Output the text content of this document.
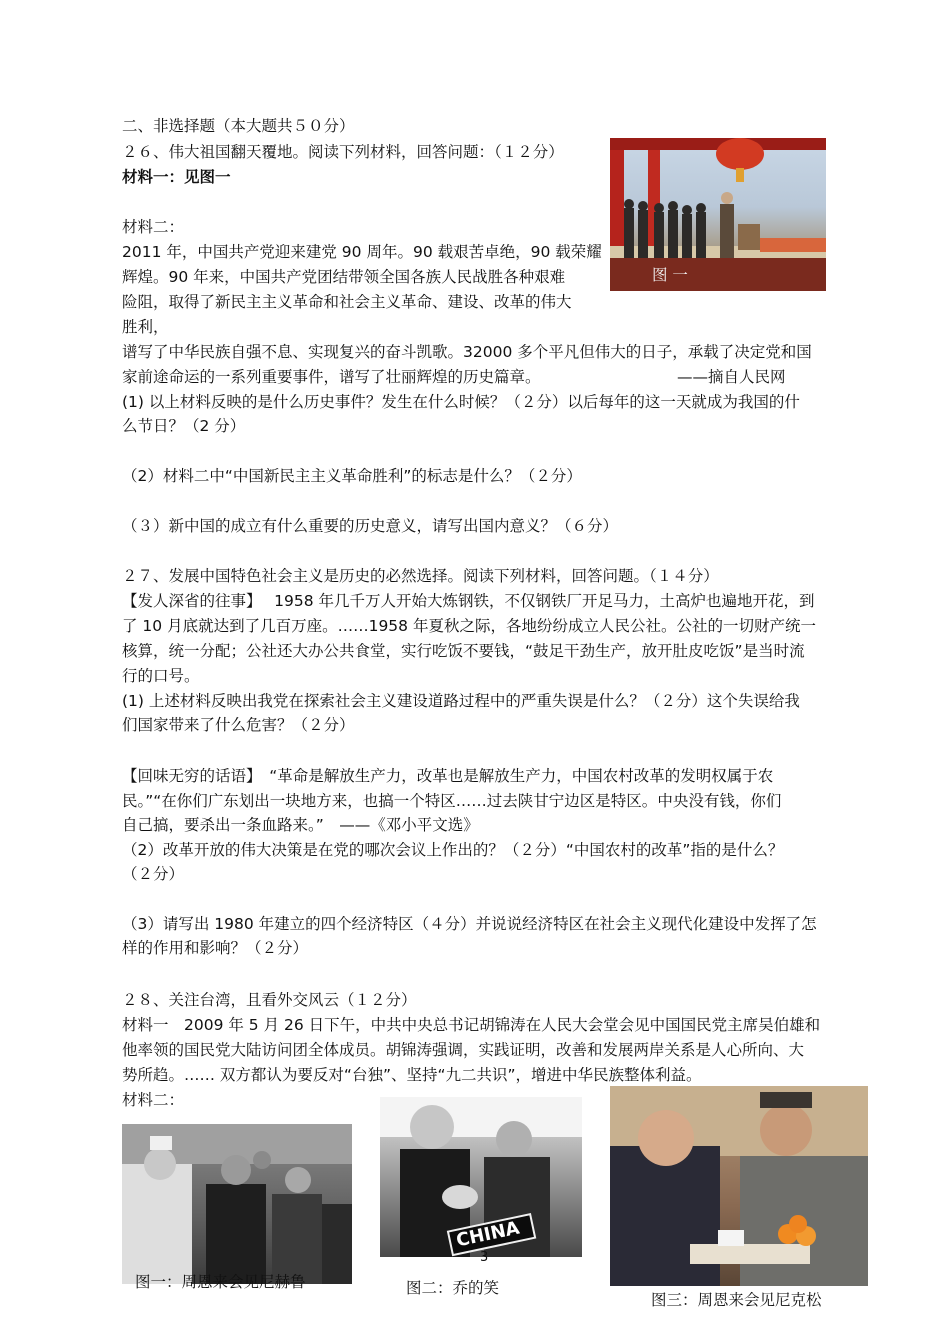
二、非选择题（本大题共５０分）
２６、伟大祖国翻天覆地。阅读下列材料，回答问题：（１２分）
材料一：见图一
材料二：
2011 年，中国共产党迎来建党 90 周年。90 载艰苦卓绝，90 载荣耀
辉煌。90 年来，中国共产党团结带领全国各族人民战胜各种艰难
险阻，取得了新民主主义革命和社会主义革命、建设、改革的伟大
胜利，
谱写了中华民族自强不息、实现复兴的奋斗凯歌。32000 多个平凡但伟大的日子，承载了决定党和国
家前途命运的一系列重要事件，谱写了壮丽辉煌的历史篇章。	——摘自人民网
(1) 以上材料反映的是什么历史事件？发生在什么时候？（２分）以后每年的这一天就成为我国的什
么节日？（2 分）
（2）材料二中“中国新民主主义革命胜利”的标志是什么？（２分）
（３）新中国的成立有什么重要的历史意义，请写出国内意义？（６分）
图 一
２７、发展中国特色社会主义是历史的必然选择。阅读下列材料，回答问题。（１４分）
【发人深省的往事】　 1958 年几千万人开始大炼钢铁，不仅钢铁厂开足马力，土高炉也遍地开花，到
了 10 月底就达到了几百万座。……1958 年夏秋之际，各地纷纷成立人民公社。公社的一切财产统一
核算，统一分配；公社还大办公共食堂，实行吃饭不要钱，“鼓足干劲生产，放开肚皮吃饭”是当时流
行的口号。
(1) 上述材料反映出我党在探索社会主义建设道路过程中的严重失误是什么？（２分）这个失误给我
们国家带来了什么危害？（２分）
【回味无穷的话语】　“革命是解放生产力，改革也是解放生产力，中国农村改革的发明权属于农
民。”“在你们广东划出一块地方来，也搞一个特区……过去陕甘宁边区是特区。中央没有钱，你们
自己搞，要杀出一条血路来。”　——《邓小平文选》
（2）改革开放的伟大决策是在党的哪次会议上作出的？（２分）“中国农村的改革”指的是什么？
（２分）
（3）请写出 1980 年建立的四个经济特区（４分）并说说经济特区在社会主义现代化建设中发挥了怎
样的作用和影响？（２分）
２８、关注台湾，且看外交风云（１２分）
材料一　2009 年 5 月 26 日下午，中共中央总书记胡锦涛在人民大会堂会见中国国民党主席吴伯雄和
他率领的国民党大陆访问团全体成员。胡锦涛强调，实践证明，改善和发展两岸关系是人心所向、大
势所趋。…… 双方都认为要反对“台独”、坚持“九二共识”，增进中华民族整体利益。
材料二：
图一：周恩来会见尼赫鲁
CHINA
3
图二：乔的笑
图三：周恩来会见尼克松
